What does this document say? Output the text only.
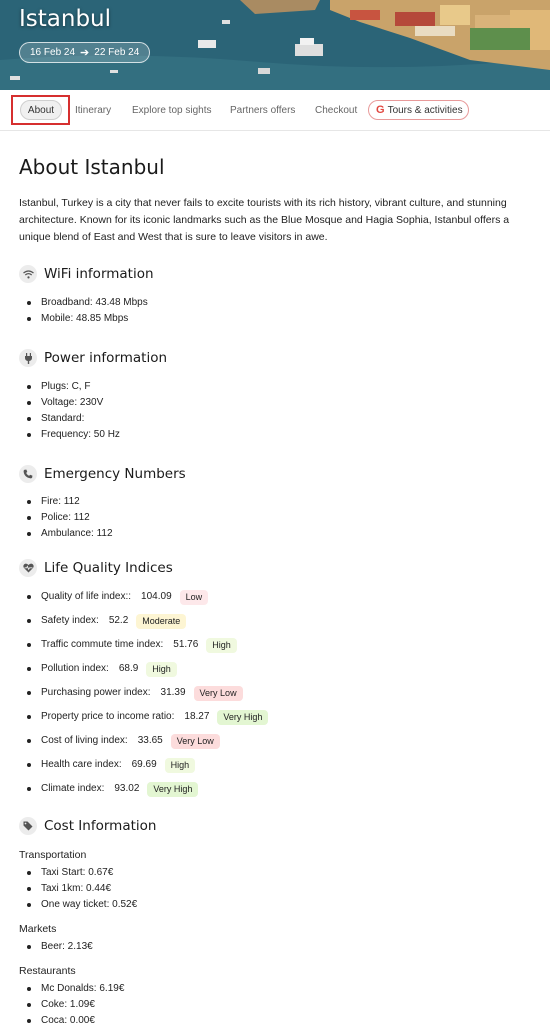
Istanbul
16 Feb 24 ➔ 22 Feb 24
About	Itinerary Explore top sights Partners offers Checkout G Tours & activities
About Istanbul
Istanbul, Turkey is a city that never fails to excite tourists with its rich history, vibrant culture, and stunning architecture. Known for its iconic landmarks such as the Blue Mosque and Hagia Sophia, Istanbul offers a unique blend of East and West that is sure to leave visitors in awe.
WiFi information
Broadband: 43.48 Mbps
Mobile: 48.85 Mbps
Power information
Plugs: C, F
Voltage: 230V
Standard:
Frequency: 50 Hz
Emergency Numbers
Fire: 112
Police: 112
Ambulance: 112
Life Quality Indices
Quality of life index:: 104.09	Low
Safety index: 52.2	Moderate
Traffic commute time index: 51.76	High
Pollution index: 68.9	High
Purchasing power index: 31.39	Very Low
Property price to income ratio: 18.27	Very High
Cost of living index: 33.65	Very Low
Health care index: 69.69	High
Climate index: 93.02	Very High
Cost Information
Transportation
Taxi Start: 0.67€
Taxi 1km: 0.44€
One way ticket: 0.52€
Markets
Beer: 2.13€
Restaurants
Mc Donalds: 6.19€
Coke: 1.09€
Coca: 0.00€
